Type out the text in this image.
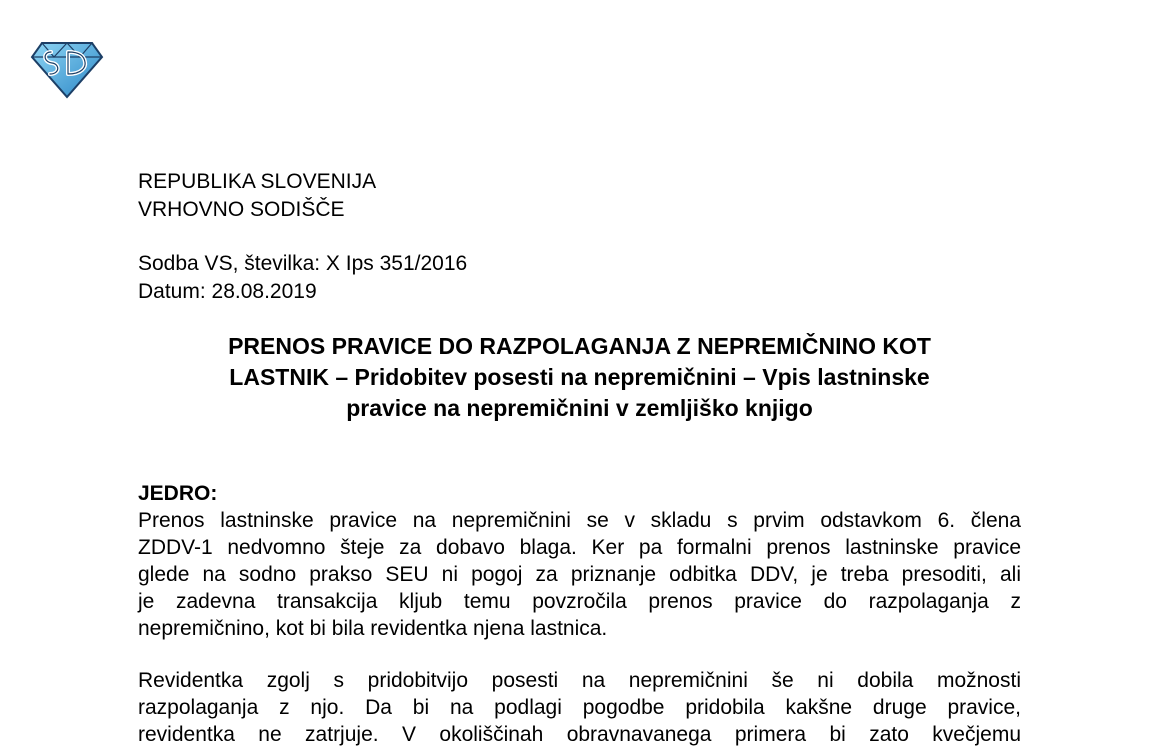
REPUBLIKA SLOVENIJA
VRHOVNO SODIŠČE
Sodba VS, številka: X Ips 351/2016
Datum: 28.08.2019
PRENOS PRAVICE DO RAZPOLAGANJA Z NEPREMIČNINO KOT
LASTNIK – Pridobitev posesti na nepremičnini – Vpis lastninske
pravice na nepremičnini v zemljiško knjigo
JEDRO:
Prenos lastninske pravice na nepremičnini se v skladu s prvim odstavkom 6. člena
ZDDV-1 nedvomno šteje za dobavo blaga. Ker pa formalni prenos lastninske pravice
glede na sodno prakso SEU ni pogoj za priznanje odbitka DDV, je treba presoditi, ali
je zadevna transakcija kljub temu povzročila prenos pravice do razpolaganja z
nepremičnino, kot bi bila revidentka njena lastnica.
Revidentka zgolj s pridobitvijo posesti na nepremičnini še ni dobila možnosti
razpolaganja z njo. Da bi na podlagi pogodbe pridobila kakšne druge pravice,
revidentka ne zatrjuje. V okoliščinah obravnavanega primera bi zato kvečjemu
